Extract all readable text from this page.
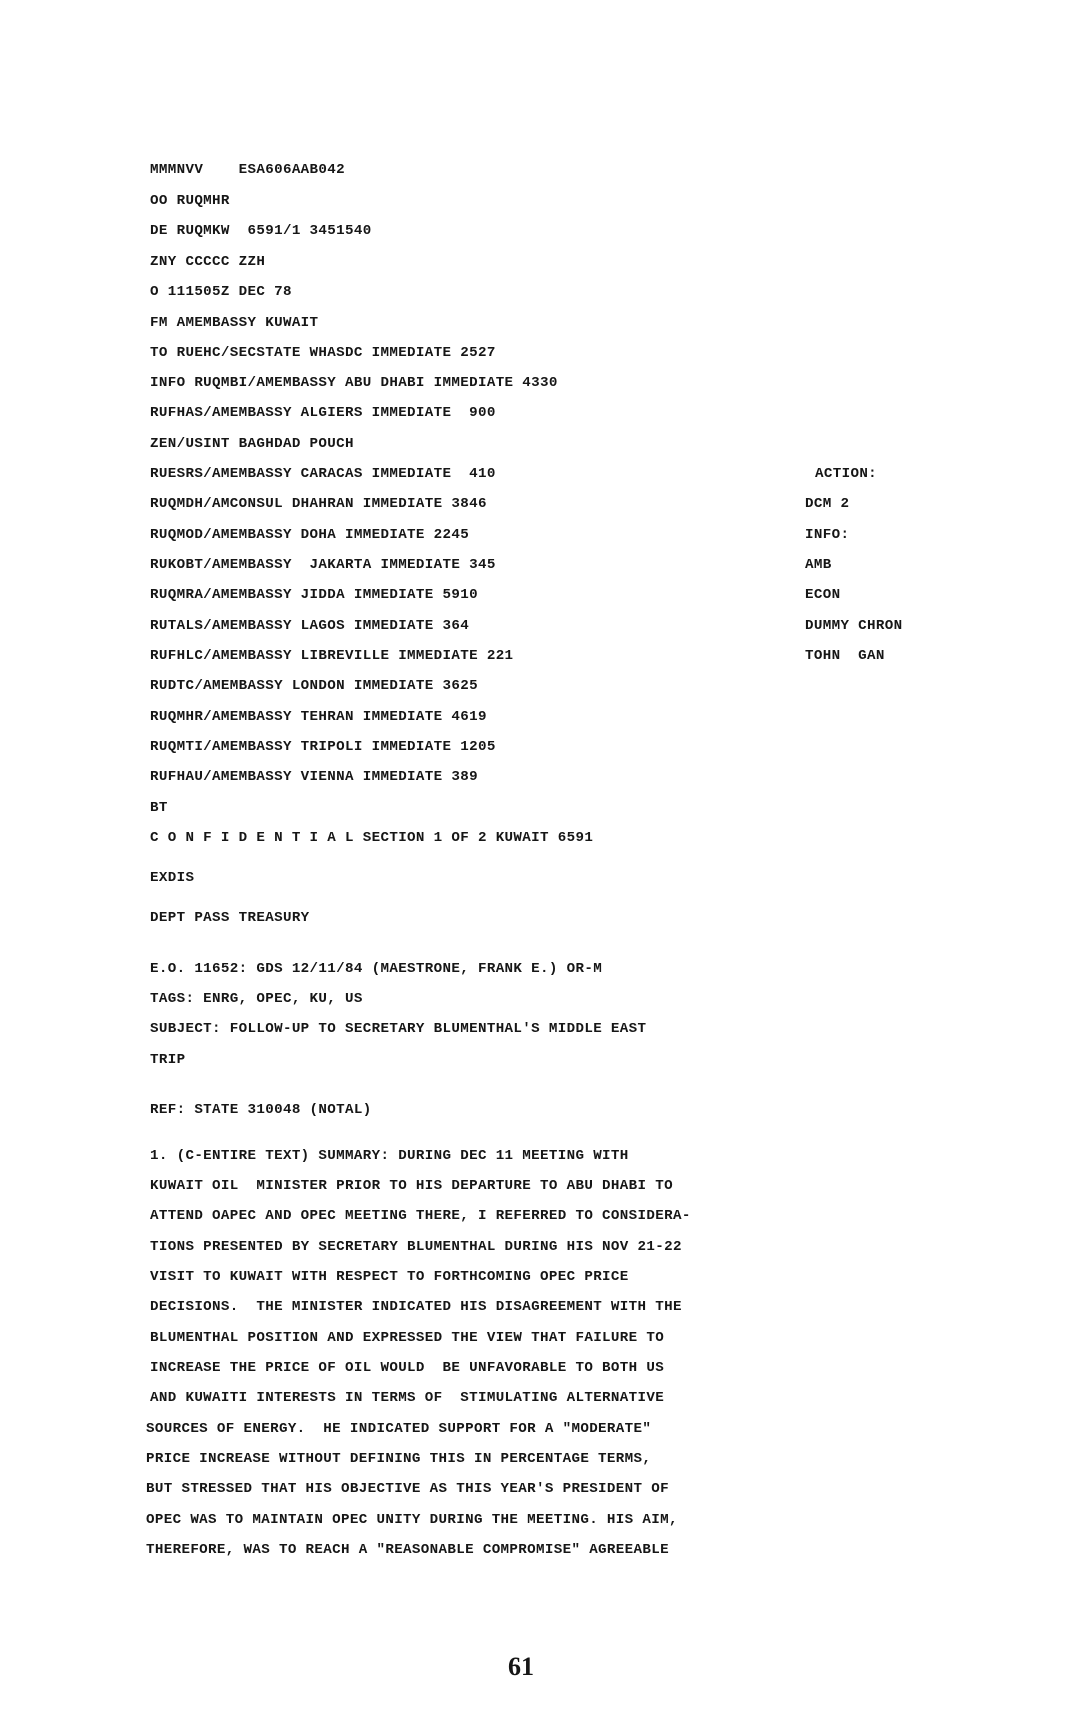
MMMNVV    ESA606AAB042
OO RUQMHR
DE RUQMKW  6591/1 3451540
ZNY CCCCC ZZH
O 111505Z DEC 78
FM AMEMBASSY KUWAIT
TO RUEHC/SECSTATE WHASDC IMMEDIATE 2527
INFO RUQMBI/AMEMBASSY ABU DHABI IMMEDIATE 4330
RUFHAS/AMEMBASSY ALGIERS IMMEDIATE  900
ZEN/USINT BAGHDAD POUCH
RUESRS/AMEMBASSY CARACAS IMMEDIATE  410
RUQMDH/AMCONSUL DHAHRAN IMMEDIATE 3846
RUQMOD/AMEMBASSY DOHA IMMEDIATE 2245
RUKOBT/AMEMBASSY  JAKARTA IMMEDIATE 345
RUQMRA/AMEMBASSY JIDDA IMMEDIATE 5910
RUTALS/AMEMBASSY LAGOS IMMEDIATE 364
RUFHLC/AMEMBASSY LIBREVILLE IMMEDIATE 221
RUDTC/AMEMBASSY LONDON IMMEDIATE 3625
RUQMHR/AMEMBASSY TEHRAN IMMEDIATE 4619
RUQMTI/AMEMBASSY TRIPOLI IMMEDIATE 1205
RUFHAU/AMEMBASSY VIENNA IMMEDIATE 389
BT
C O N F I D E N T I A L SECTION 1 OF 2 KUWAIT 6591
ACTION:
DCM 2
INFO:
AMB
ECON
DUMMY CHRON
TOHN  GAN
EXDIS
DEPT PASS TREASURY
E.O. 11652: GDS 12/11/84 (MAESTRONE, FRANK E.) OR-M
TAGS: ENRG, OPEC, KU, US
SUBJECT: FOLLOW-UP TO SECRETARY BLUMENTHAL'S MIDDLE EAST
TRIP
REF: STATE 310048 (NOTAL)
1. (C-ENTIRE TEXT) SUMMARY: DURING DEC 11 MEETING WITH
KUWAIT OIL  MINISTER PRIOR TO HIS DEPARTURE TO ABU DHABI TO
ATTEND OAPEC AND OPEC MEETING THERE, I REFERRED TO CONSIDERA-
TIONS PRESENTED BY SECRETARY BLUMENTHAL DURING HIS NOV 21-22
VISIT TO KUWAIT WITH RESPECT TO FORTHCOMING OPEC PRICE
DECISIONS.  THE MINISTER INDICATED HIS DISAGREEMENT WITH THE
BLUMENTHAL POSITION AND EXPRESSED THE VIEW THAT FAILURE TO
INCREASE THE PRICE OF OIL WOULD  BE UNFAVORABLE TO BOTH US
AND KUWAITI INTERESTS IN TERMS OF  STIMULATING ALTERNATIVE
SOURCES OF ENERGY.  HE INDICATED SUPPORT FOR A "MODERATE"
PRICE INCREASE WITHOUT DEFINING THIS IN PERCENTAGE TERMS,
BUT STRESSED THAT HIS OBJECTIVE AS THIS YEAR'S PRESIDENT OF
OPEC WAS TO MAINTAIN OPEC UNITY DURING THE MEETING. HIS AIM,
THEREFORE, WAS TO REACH A "REASONABLE COMPROMISE" AGREEABLE
61
